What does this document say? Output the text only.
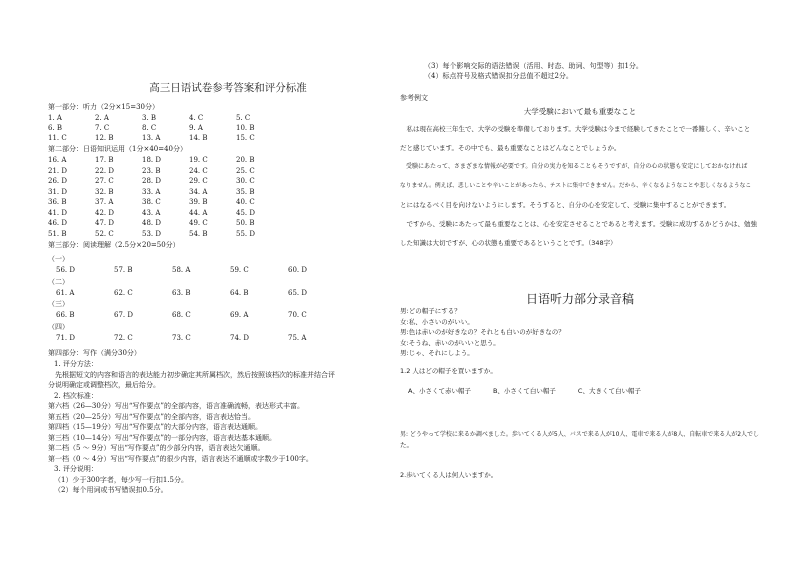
高三日语试卷参考答案和评分标准
第一部分：听力（2分×15=30分）
1. A	2. A	3. B	4. C	5. C
6. B	7. C	8. C	9. A	10. B
11. C	12. B	13. A	14. B	15. C
第二部分：日语知识运用（1分×40=40分）
16. A	17. B	18. D	19. C	20. B
21. D	22. D	23. B	24. C	25. C
26. D	27. C	28. D	29. C	30. C
31. D	32. B	33. A	34. A	35. B
36. B	37. A	38. C	39. B	40. C
41. D	42. D	43. A	44. A	45. D
46. D	47. D	48. D	49. C	50. B
51. B	52. C	53. D	54. B	55. D
第三部分：阅读理解（2.5分×20=50分）
（一）
56. D	57. B	58. A	59. C	60. D
（二）
61. A	62. C	63. B	64. B	65. D
（三）
66. B	67. D	68. C	69. A	70. C
（四）
71. D	72. C	73. C	74. D	75. A
第四部分：写作（满分30分）
1. 评分方法：
　先根据短文的内容和语言的表达能力初步确定其所属档次，然后按照该档次的标准并结合评
分说明确定或调整档次，最后给分。
2. 档次标准：
第六档（26—30分）写出“写作要点”的全部内容，语言准确流畅，表达形式丰富。
第五档（20—25分）写出“写作要点”的全部内容，语言表达恰当。
第四档（15—19分）写出“写作要点”的大部分内容，语言表达通顺。
第三档（10—14分）写出“写作要点”的一部分内容，语言表达基本通顺。
第二档（5 ～ 9分）写出“写作要点”的少部分内容，语言表达欠通顺。
第一档（0 ～ 4分）写出“写作要点”的很少内容，语言表达不通顺或字数少于100字。
3. 评分说明：
（1）少于300字者，每少写一行扣1.5分。
（2）每个用词或书写错误扣0.5分。
（3）每个影响交际的语法错误（活用、时态、助词、句型等）扣1分。
（4）标点符号及格式错误扣分总值不超过2分。
参考例文
大学受験において最も重要なこと
　私は現在高校三年生で、大学の受験を準備しております。大学受験は今まで経験してきたことで一番難しく、辛いこと
だと感じています。その中でも、最も重要なことはどんなことでしょうか。
　受験にあたって、さまざまな情報が必要です。自分の実力を知ることもそうですが、自分の心の状態も安定にしておかなければ
なりません。例えば、悲しいことや辛いことがあったら、テストに集中できません。だから、辛くなるようなことや悲しくなるようなこ
とにはなるべく目を向けないようにします。そうすると、自分の心を安定して、受験に集中することができます。
　ですから、受験にあたって最も重要なことは、心を安定させることであると考えます。受験に成功するかどうかは、勉強
した知識は大切ですが、心の状態も重要であるということです。（348字）
日语听力部分录音稿
男:どの帽子にする？
女:私、小さいのがいい。
男:色は赤いのが好きなの？それとも白いのが好きなの？
女:そうね、赤いのがいいと思う。
男:じゃ、それにしよう。
1.2 人はどの帽子を買いますか。
A、小さくて赤い帽子	B、小さくて白い帽子	C、大きくて白い帽子
男: どうやって学校に来るか調べました。歩いてくる人が5人、バスで来る人が10人、電車で来る人が8人、自転車で来る人が2人でし
た。
2.歩いてくる人は何人いますか。
